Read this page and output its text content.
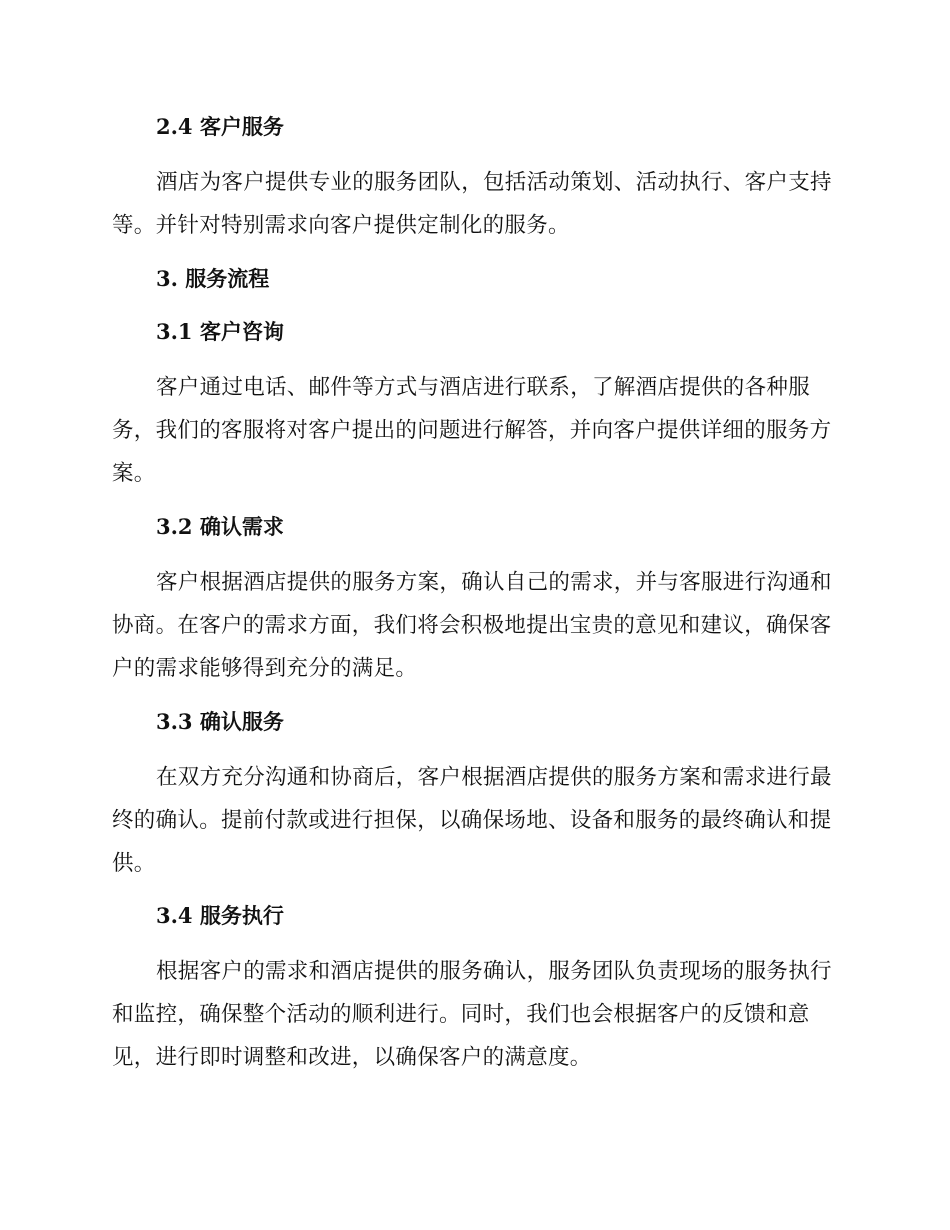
2.4 客户服务
酒店为客户提供专业的服务团队，包括活动策划、活动执行、客户支持等。并针对特别需求向客户提供定制化的服务。
3. 服务流程
3.1 客户咨询
客户通过电话、邮件等方式与酒店进行联系，了解酒店提供的各种服务，我们的客服将对客户提出的问题进行解答，并向客户提供详细的服务方案。
3.2 确认需求
客户根据酒店提供的服务方案，确认自己的需求，并与客服进行沟通和协商。在客户的需求方面，我们将会积极地提出宝贵的意见和建议，确保客户的需求能够得到充分的满足。
3.3 确认服务
在双方充分沟通和协商后，客户根据酒店提供的服务方案和需求进行最终的确认。提前付款或进行担保，以确保场地、设备和服务的最终确认和提供。
3.4 服务执行
根据客户的需求和酒店提供的服务确认，服务团队负责现场的服务执行和监控，确保整个活动的顺利进行。同时，我们也会根据客户的反馈和意见，进行即时调整和改进，以确保客户的满意度。
